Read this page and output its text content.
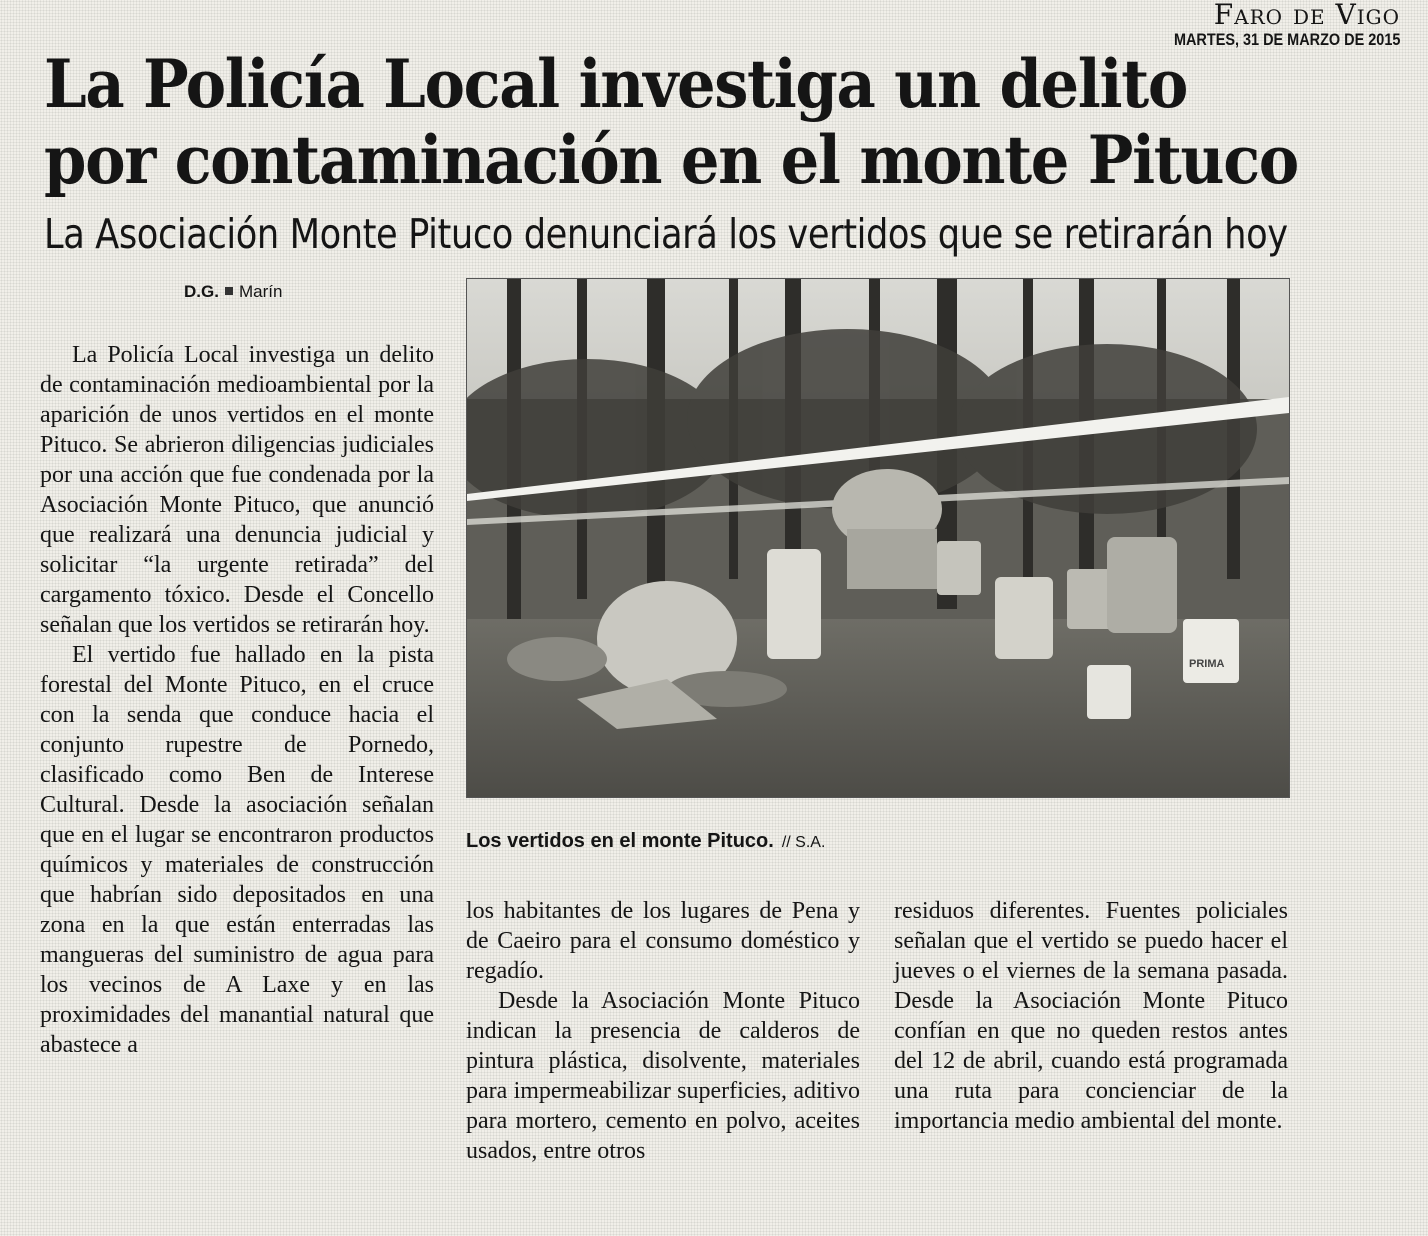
Faro de Vigo
MARTES, 31 DE MARZO DE 2015
La Policía Local investiga un delito
por contaminación en el monte Pituco
La Asociación Monte Pituco denunciará los vertidos que se retirarán hoy
D.G. Marín

La Policía Local investiga un delito de contaminación medioambiental por la aparición de unos vertidos en el monte Pituco. Se abrieron diligencias judiciales por una acción que fue condenada por la Asociación Monte Pituco, que anunció que realizará una denuncia judicial y solicitar “la urgente retirada” del cargamento tóxico. Desde el Concello señalan que los vertidos se retirarán hoy.

El vertido fue hallado en la pista forestal del Monte Pituco, en el cruce con la senda que conduce hacia el conjunto rupestre de Pornedo, clasificado como Ben de Interese Cultural. Desde la asociación señalan que en el lugar se encontraron productos químicos y materiales de construcción que habrían sido depositados en una zona en la que están enterradas las mangueras del suministro de agua para los vecinos de A Laxe y en las proximidades del manantial natural que abastece a

PRIMA
Los vertidos en el monte Pituco. // S.A.

los habitantes de los lugares de Pena y de Caeiro para el consumo doméstico y regadío.

Desde la Asociación Monte Pituco indican la presencia de calderos de pintura plástica, disolvente, materiales para impermeabilizar superficies, aditivo para mortero, cemento en polvo, aceites usados, entre otros

residuos diferentes. Fuentes policiales señalan que el vertido se puedo hacer el jueves o el viernes de la semana pasada. Desde la Asociación Monte Pituco confían en que no queden restos antes del 12 de abril, cuando está programada una ruta para concienciar de la importancia medio ambiental del monte.
